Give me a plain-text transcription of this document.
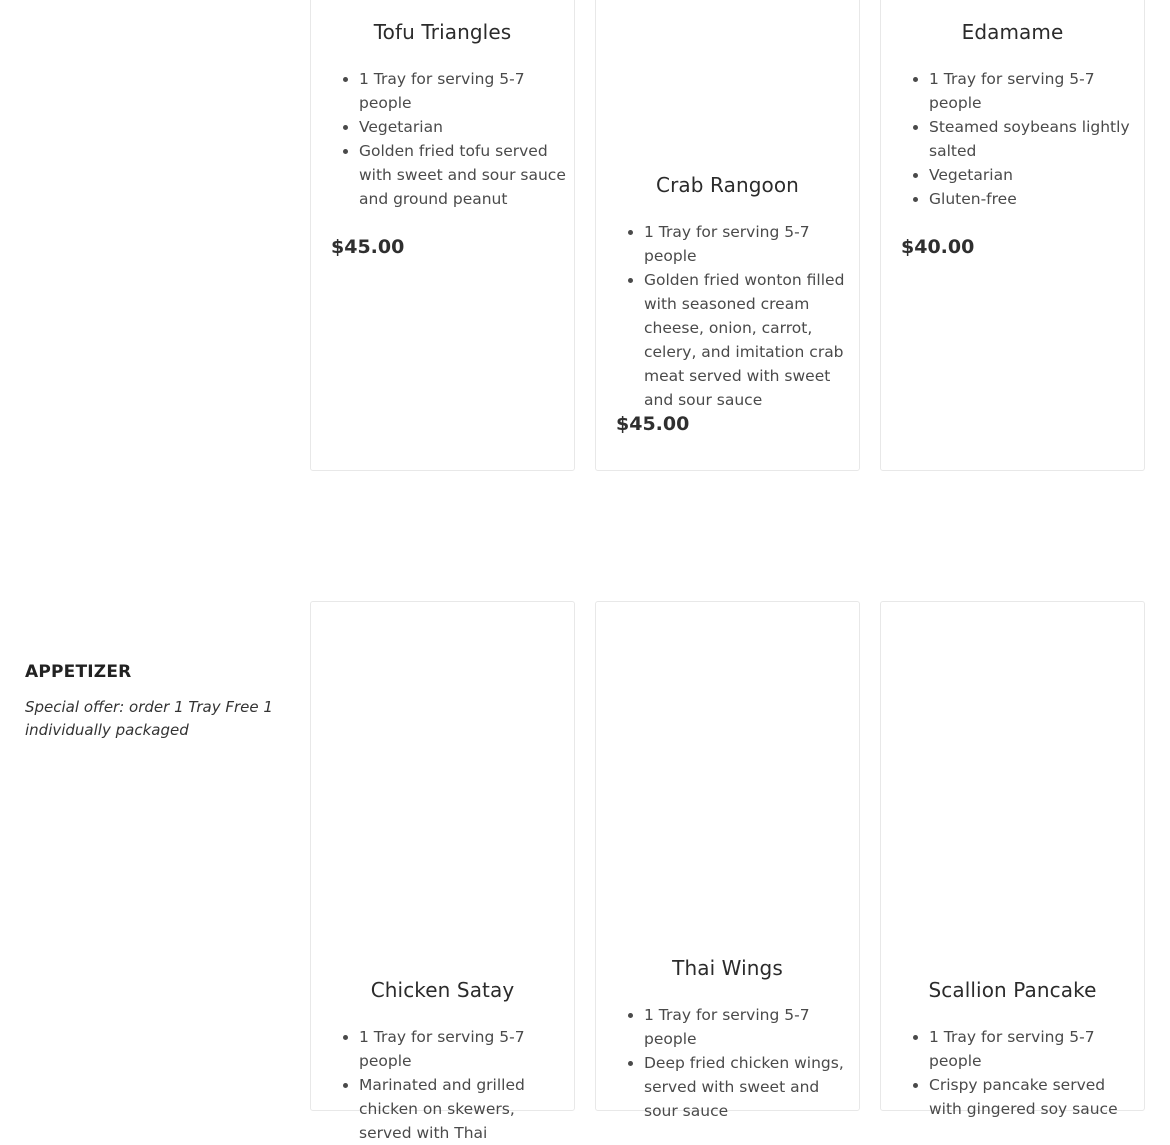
Tofu Triangles
• 1 Tray for serving 5-7 people
• Vegetarian
• Golden fried tofu served with sweet and sour sauce and ground peanut
$45.00
Crab Rangoon
• 1 Tray for serving 5-7 people
• Golden fried wonton filled with seasoned cream cheese, onion, carrot, celery, and imitation crab meat served with sweet and sour sauce
$45.00
Edamame
• 1 Tray for serving 5-7 people
• Steamed soybeans lightly salted
• Vegetarian
• Gluten-free
$40.00
APPETIZER
Special offer: order 1 Tray Free 1 individually packaged
Chicken Satay
• 1 Tray for serving 5-7 people
• Marinated and grilled chicken on skewers, served with Thai
Thai Wings
• 1 Tray for serving 5-7 people
• Deep fried chicken wings, served with sweet and sour sauce
Scallion Pancake
• 1 Tray for serving 5-7 people
• Crispy pancake served with gingered soy sauce
